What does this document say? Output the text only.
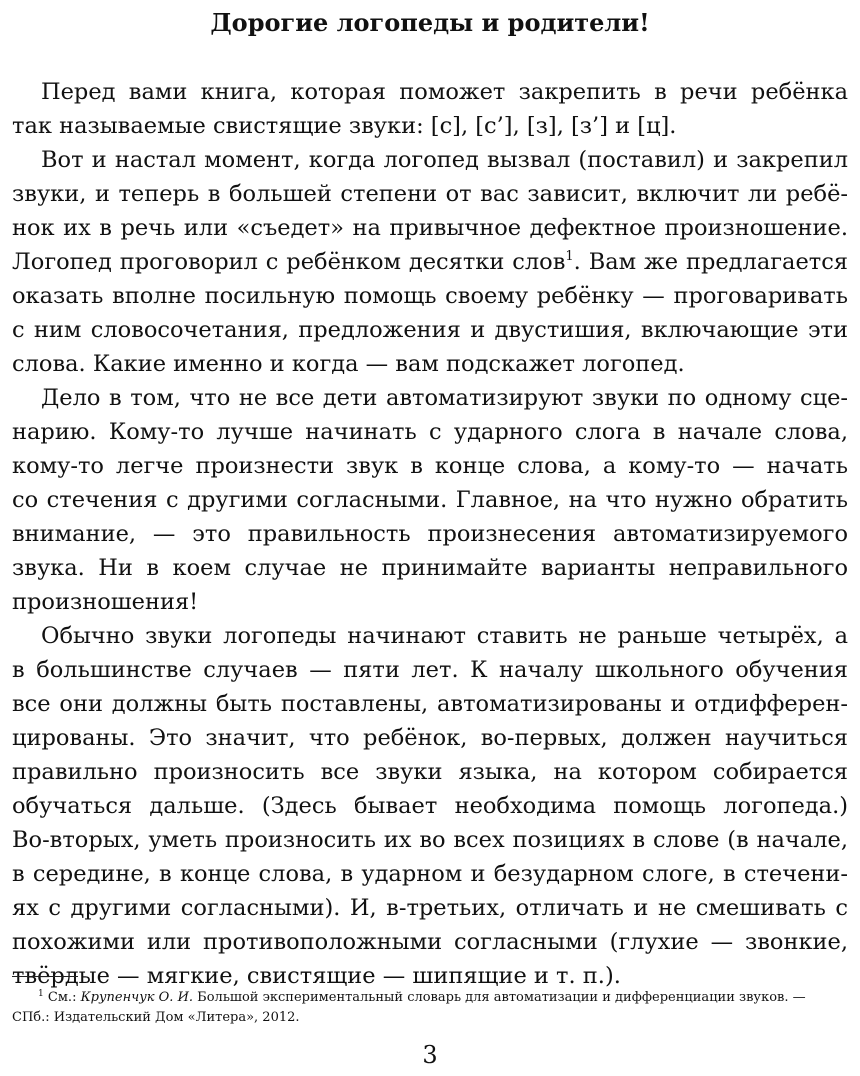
Дорогие логопеды и родители!
Перед вами книга, которая поможет закрепить в речи ребёнка
так называемые свистящие звуки: [с], [с’], [з], [з’] и [ц].
Вот и настал момент, когда логопед вызвал (поставил) и закрепил
звуки, и теперь в большей степени от вас зависит, включит ли ребё-
нок их в речь или «съедет» на привычное дефектное произношение.
Логопед проговорил с ребёнком десятки слов$^1$. Вам же предлагается
оказать вполне посильную помощь своему ребёнку — проговаривать
с ним словосочетания, предложения и двустишия, включающие эти
слова. Какие именно и когда — вам подскажет логопед.
Дело в том, что не все дети автоматизируют звуки по одному сце-
нарию. Кому-то лучше начинать с ударного слога в начале слова,
кому-то легче произнести звук в конце слова, а кому-то — начать
со стечения с другими согласными. Главное, на что нужно обратить
внимание, — это правильность произнесения автоматизируемого
звука. Ни в коем случае не принимайте варианты неправильного
произношения!
Обычно звуки логопеды начинают ставить не раньше четырёх, а
в большинстве случаев — пяти лет. К началу школьного обучения
все они должны быть поставлены, автоматизированы и отдифферен-
цированы. Это значит, что ребёнок, во-первых, должен научиться
правильно произносить все звуки языка, на котором собирается
обучаться дальше. (Здесь бывает необходима помощь логопеда.)
Во-вторых, уметь произносить их во всех позициях в слове (в начале,
в середине, в конце слова, в ударном и безударном слоге, в стечени-
ях с другими согласными). И, в-третьих, отличать и не смешивать с
похожими или противоположными согласными (глухие — звонкие,
твёрдые — мягкие, свистящие — шипящие и т. п.).
$^1$ См.: Крупенчук О. И. Большой экспериментальный словарь для автоматизации и дифференциации звуков. —
СПб.: Издательский Дом «Литера», 2012.
3
